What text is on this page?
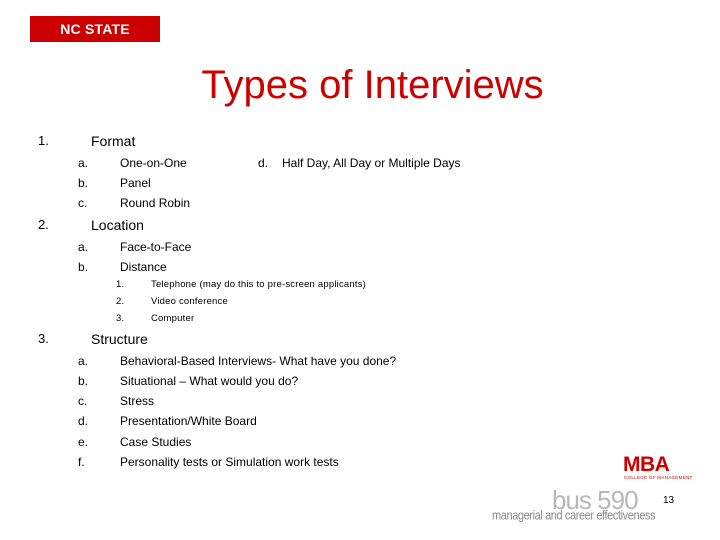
NC STATE UNIVERSITY
Types of Interviews
1.	Format
a.	One-on-One	d. Half Day, All Day or Multiple Days
b.	Panel
c.	Round Robin
2.	Location
a.	Face-to-Face
b.	Distance
1.	Telephone (may do this to pre-screen applicants)
2.	Video conference
3.	Computer
3.	Structure
a.	Behavioral-Based Interviews- What have you done?
b.	Situational – What would you do?
c.	Stress
d.	Presentation/White Board
e.	Case Studies
f.	Personality tests or Simulation work tests	MBA
COLLEGE OF MANAGEMENT
bus 590
managerial and career effectiveness
13
